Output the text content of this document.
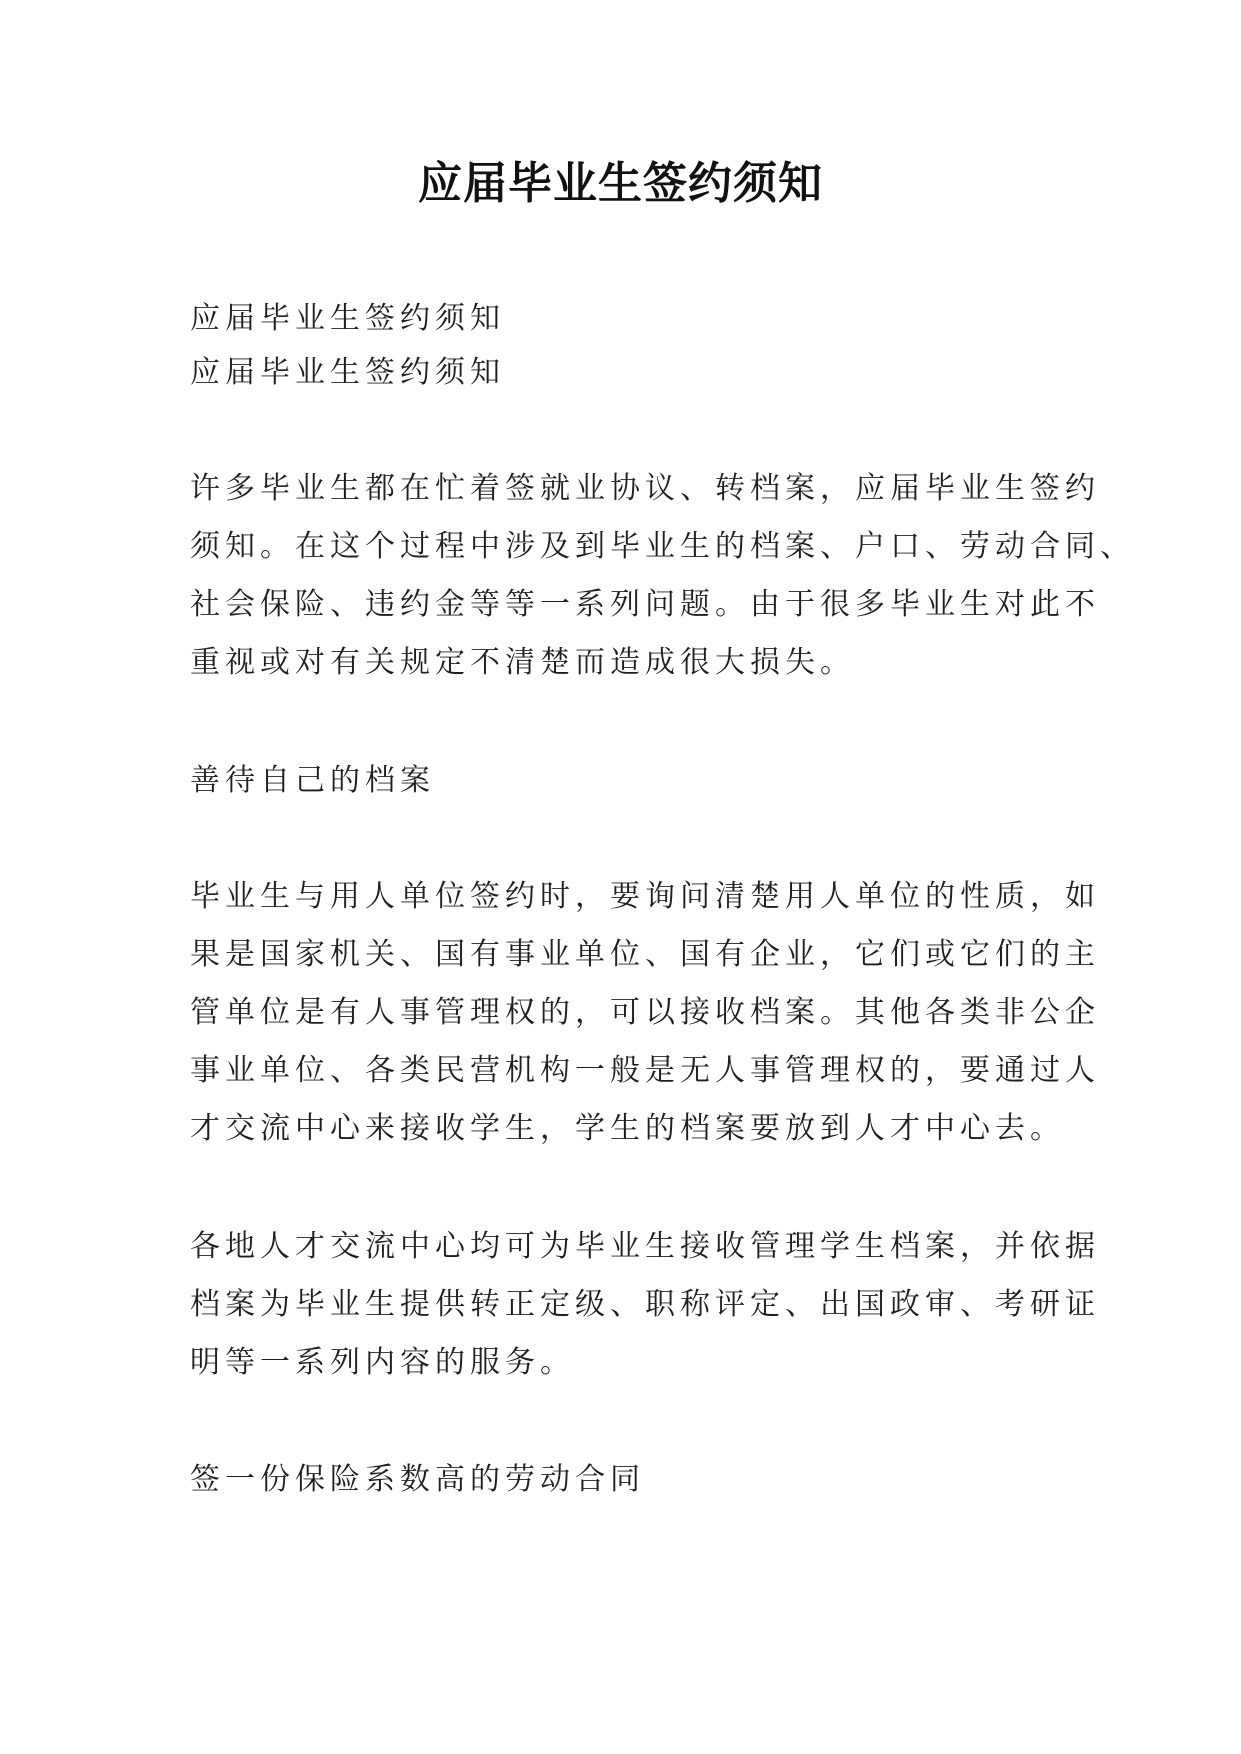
应届毕业生签约须知

应届毕业生签约须知

应届毕业生签约须知

许多毕业生都在忙着签就业协议、转档案，应届毕业生签约
须知。在这个过程中涉及到毕业生的档案、户口、劳动合同、
社会保险、违约金等等一系列问题。由于很多毕业生对此不
重视或对有关规定不清楚而造成很大损失。

善待自己的档案

毕业生与用人单位签约时，要询问清楚用人单位的性质，如
果是国家机关、国有事业单位、国有企业，它们或它们的主
管单位是有人事管理权的，可以接收档案。其他各类非公企
事业单位、各类民营机构一般是无人事管理权的，要通过人
才交流中心来接收学生，学生的档案要放到人才中心去。
各地人才交流中心均可为毕业生接收管理学生档案，并依据
档案为毕业生提供转正定级、职称评定、出国政审、考研证
明等一系列内容的服务。

签一份保险系数高的劳动合同
